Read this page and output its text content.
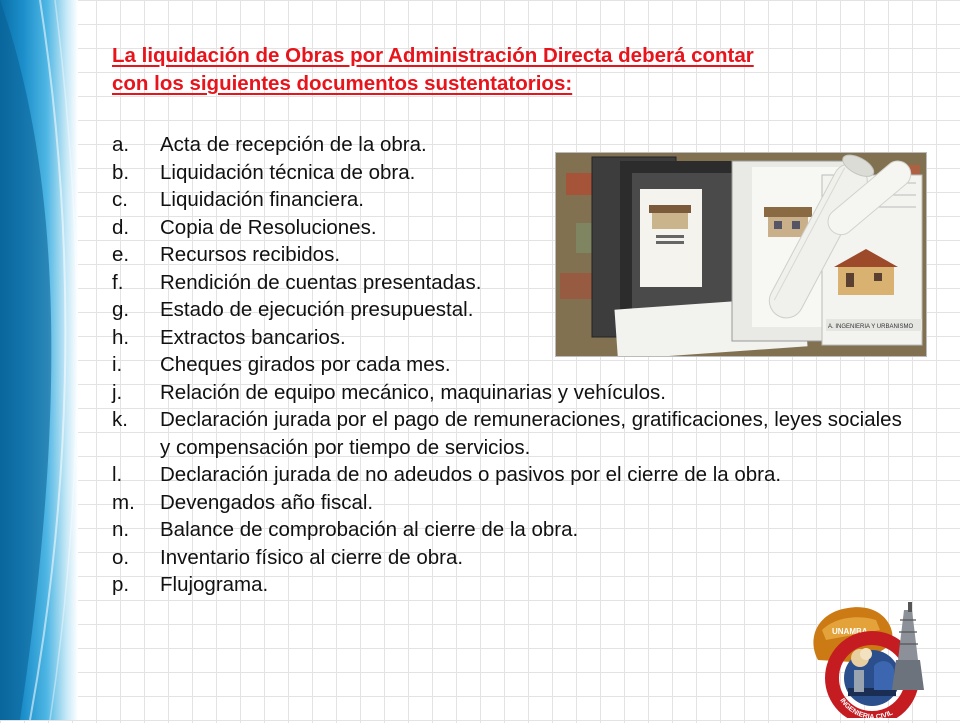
La liquidación de Obras por Administración Directa deberá contar
con los siguientes documentos sustentatorios:
a.	Acta de recepción de la obra.
b.	Liquidación técnica de obra.
c.	Liquidación financiera.
d.	Copia de Resoluciones.
e.	Recursos recibidos.
f.	Rendición de cuentas presentadas.
g.	Estado de ejecución presupuestal.
h.	Extractos bancarios.
i.	Cheques girados por cada mes.
j.	Relación de equipo mecánico, maquinarias y vehículos.
k.	Declaración jurada por el pago de remuneraciones, gratificaciones, leyes sociales y compensación por tiempo de servicios.
l.	Declaración jurada de no adeudos o pasivos por el cierre de la obra.
m.	Devengados año fiscal.
n.	Balance de comprobación al cierre de la obra.
o.	Inventario físico al cierre de obra.
p.	Flujograma.
A. INGENIERIA Y URBANISMO
UNAMBA
INGENIERIA CIVIL
